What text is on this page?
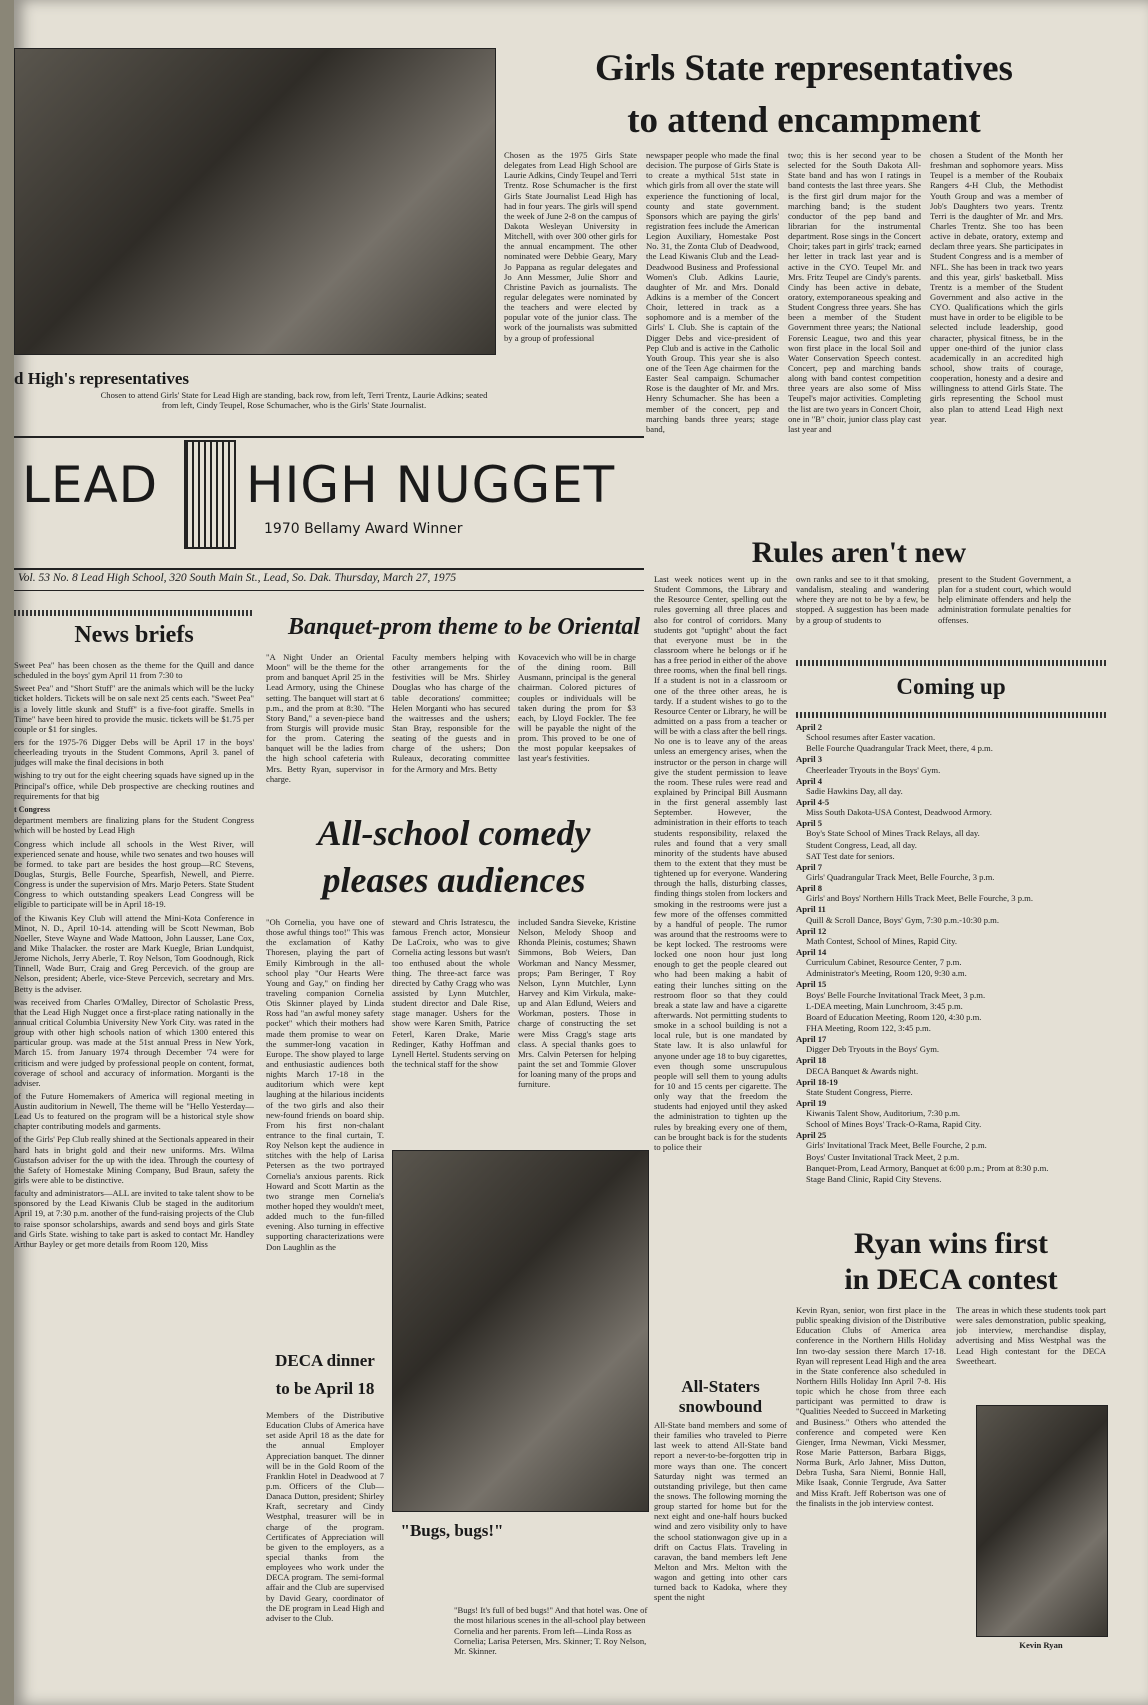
d High's representatives
Chosen to attend Girls' State for Lead High are standing, back row, from left, Terri Trentz, Laurie Adkins; seated from left, Cindy Teupel, Rose Schumacher, who is the Girls' State Journalist.
Girls State representatives
to attend encampment
Chosen as the 1975 Girls State delegates from Lead High School are Laurie Adkins, Cindy Teupel and Terri Trentz. Rose Schumacher is the first Girls State Journalist Lead High has had in four years. The girls will spend the week of June 2-8 on the campus of Dakota Wesleyan University in Mitchell, with over 300 other girls for the annual encampment. The other nominated were Debbie Geary, Mary Jo Pappana as regular delegates and Jo Ann Messmer, Julie Shorr and Christine Pavich as journalists. The regular delegates were nominated by the teachers and were elected by popular vote of the junior class. The work of the journalists was submitted by a group of professional
newspaper people who made the final decision. The purpose of Girls State is to create a mythical 51st state in which girls from all over the state will experience the functioning of local, county and state government. Sponsors which are paying the girls' registration fees include the American Legion Auxiliary, Homestake Post No. 31, the Zonta Club of Deadwood, the Lead Kiwanis Club and the Lead-Deadwood Business and Professional Women's Club. Adkins Laurie, daughter of Mr. and Mrs. Donald Adkins is a member of the Concert Choir, lettered in track as a sophomore and is a member of the Girls' L Club. She is captain of the Digger Debs and vice-president of Pep Club and is active in the Catholic Youth Group. This year she is also one of the Teen Age chairmen for the Easter Seal campaign. Schumacher Rose is the daughter of Mr. and Mrs. Henry Schumacher. She has been a member of the concert, pep and marching bands three years; stage band,
two; this is her second year to be selected for the South Dakota All-State band and has won I ratings in band contests the last three years. She is the first girl drum major for the marching band; is the student conductor of the pep band and librarian for the instrumental department. Rose sings in the Concert Choir; takes part in girls' track; earned her letter in track last year and is active in the CYO. Teupel Mr. and Mrs. Fritz Teupel are Cindy's parents. Cindy has been active in debate, oratory, extemporaneous speaking and Student Congress three years. She has been a member of the Student Government three years; the National Forensic League, two and this year won first place in the local Soil and Water Conservation Speech contest. Concert, pep and marching bands along with band contest competition three years are also some of Miss Teupel's major activities. Completing the list are two years in Concert Choir, one in "B" choir, junior class play cast last year and
chosen a Student of the Month her freshman and sophomore years. Miss Teupel is a member of the Roubaix Rangers 4-H Club, the Methodist Youth Group and was a member of Job's Daughters two years. Trentz Terri is the daughter of Mr. and Mrs. Charles Trentz. She too has been active in debate, oratory, extemp and declam three years. She participates in Student Congress and is a member of NFL. She has been in track two years and this year, girls' basketball. Miss Trentz is a member of the Student Government and also active in the CYO. Qualifications which the girls must have in order to be eligible to be selected include leadership, good character, physical fitness, be in the upper one-third of the junior class academically in an accredited high school, show traits of courage, cooperation, honesty and a desire and willingness to attend Girls State. The girls representing the School must also plan to attend Lead High next year.
LEAD HIGH NUGGET
1970 Bellamy Award Winner
Vol. 53 No. 8 Lead High School, 320 South Main St., Lead, So. Dak. Thursday, March 27, 1975
News briefs

Sweet Pea" has been chosen as the theme for the Quill and dance scheduled in the boys' gym April 11 from 7:30 to

Sweet Pea" and "Short Stuff" are the animals which will be the lucky ticket holders. Tickets will be on sale next 25 cents each. "Sweet Pea" is a lovely little skunk and Stuff" is a five-foot giraffe. Smells in Time" have been hired to provide the music. tickets will be $1.75 per couple or $1 for singles.

ers for the 1975-76 Digger Debs will be April 17 in the boys' cheerleading tryouts in the Student Commons, April 3. panel of judges will make the final decisions in both

wishing to try out for the eight cheering squads have signed up in the Principal's office, while Deb prospective are checking routines and requirements for that big

t Congress

department members are finalizing plans for the Student Congress which will be hosted by Lead High

Congress which include all schools in the West River, will experienced senate and house, while two senates and two houses will be formed. to take part are besides the host group—RC Stevens, Douglas, Sturgis, Belle Fourche, Spearfish, Newell, and Pierre. Congress is under the supervision of Mrs. Marjo Peters. State Student Congress to which outstanding speakers Lead Congress will be eligible to participate will be in April 18-19.

of the Kiwanis Key Club will attend the Mini-Kota Conference in Minot, N. D., April 10-14. attending will be Scott Newman, Bob Noeller, Steve Wayne and Wade Mattoon, John Lausser, Lane Cox, and Mike Thalacker. the roster are Mark Kuegle, Brian Lundquist, Jerome Nichols, Jerry Aberle, T. Roy Nelson, Tom Goodnough, Rick Tinnell, Wade Burr, Craig and Greg Percevich. of the group are Nelson, president; Aberle, vice-Steve Percevich, secretary and Mrs. Betty is the adviser.

was received from Charles O'Malley, Director of Scholastic Press, that the Lead High Nugget once a first-place rating nationally in the annual critical Columbia University New York City. was rated in the group with other high schools nation of which 1300 entered this particular group. was made at the 51st annual Press in New York, March 15. from January 1974 through December '74 were for criticism and were judged by professional people on content, format, coverage of school and accuracy of information. Morganti is the adviser.

of the Future Homemakers of America will regional meeting in Austin auditorium in Newell, The theme will be "Hello Yesterday—Lead Us to featured on the program will be a historical style show chapter contributing models and garments.

of the Girls' Pep Club really shined at the Sectionals appeared in their hard hats in bright gold and their new uniforms. Mrs. Wilma Gustafson adviser for the up with the idea. Through the courtesy of the Safety of Homestake Mining Company, Bud Braun, safety the girls were able to be distinctive.

faculty and administrators—ALL are invited to take talent show to be sponsored by the Lead Kiwanis Club be staged in the auditorium April 19, at 7:30 p.m. another of the fund-raising projects of the Club to raise sponsor scholarships, awards and send boys and girls State and Girls State. wishing to take part is asked to contact Mr. Handley Arthur Bayley or get more details from Room 120, Miss

Banquet-prom theme to be Oriental
"A Night Under an Oriental Moon" will be the theme for the prom and banquet April 25 in the Lead Armory, using the Chinese setting. The banquet will start at 6 p.m., and the prom at 8:30. "The Story Band," a seven-piece band from Sturgis will provide music for the prom. Catering the banquet will be the ladies from the high school cafeteria with Mrs. Betty Ryan, supervisor in charge.
Faculty members helping with other arrangements for the festivities will be Mrs. Shirley Douglas who has charge of the table decorations' committee; Helen Morganti who has secured the waitresses and the ushers; Stan Bray, responsible for the seating of the guests and in charge of the ushers; Don Ruleaux, decorating committee for the Armory and Mrs. Betty
Kovacevich who will be in charge of the dining room. Bill Ausmann, principal is the general chairman. Colored pictures of couples or individuals will be taken during the prom for $3 each, by Lloyd Fockler. The fee will be payable the night of the prom. This proved to be one of the most popular keepsakes of last year's festivities.
All-school comedy
pleases audiences
"Oh Cornelia, you have one of those awful things too!" This was the exclamation of Kathy Thoresen, playing the part of Emily Kimbrough in the all-school play "Our Hearts Were Young and Gay," on finding her traveling companion Cornelia Otis Skinner played by Linda Ross had "an awful money safety pocket" which their mothers had made them promise to wear on the summer-long vacation in Europe. The show played to large and enthusiastic audiences both nights March 17-18 in the auditorium which were kept laughing at the hilarious incidents of the two girls and also their new-found friends on board ship. From his first non-chalant entrance to the final curtain, T. Roy Nelson kept the audience in stitches with the help of Larisa Petersen as the two portrayed Cornelia's anxious parents. Rick Howard and Scott Martin as the two strange men Cornelia's mother hoped they wouldn't meet, added much to the fun-filled evening. Also turning in effective supporting characterizations were Don Laughlin as the
steward and Chris Istratescu, the famous French actor, Monsieur De LaCroix, who was to give Cornelia acting lessons but wasn't too enthused about the whole thing. The three-act farce was directed by Cathy Cragg who was assisted by Lynn Mutchler, student director and Dale Rise, stage manager. Ushers for the show were Karen Smith, Patrice Feterl, Karen Drake, Marie Redinger, Kathy Hoffman and Lynell Hertel. Students serving on the technical staff for the show
included Sandra Sieveke, Kristine Nelson, Melody Shoop and Rhonda Pleinis, costumes; Shawn Simmons, Bob Weiers, Dan Workman and Nancy Messmer, props; Pam Beringer, T Roy Nelson, Lynn Mutchler, Lynn Harvey and Kim Virkula, make-up and Alan Edlund, Weiers and Workman, posters. Those in charge of constructing the set were Miss Cragg's stage arts class. A special thanks goes to Mrs. Calvin Petersen for helping paint the set and Tommie Glover for loaning many of the props and furniture.
DECA dinner
to be April 18
Members of the Distributive Education Clubs of America have set aside April 18 as the date for the annual Employer Appreciation banquet. The dinner will be in the Gold Room of the Franklin Hotel in Deadwood at 7 p.m. Officers of the Club—Danaca Dutton, president; Shirley Kraft, secretary and Cindy Westphal, treasurer will be in charge of the program. Certificates of Appreciation will be given to the employers, as a special thanks from the employees who work under the DECA program. The semi-formal affair and the Club are supervised by David Geary, coordinator of the DE program in Lead High and adviser to the Club.
"Bugs, bugs!"
"Bugs! It's full of bed bugs!" And that hotel was. One of the most hilarious scenes in the all-school play between Cornelia and her parents. From left—Linda Ross as Cornelia; Larisa Petersen, Mrs. Skinner; T. Roy Nelson, Mr. Skinner.
Rules aren't new
Last week notices went up in the Student Commons, the Library and the Resource Center, spelling out the rules governing all three places and also for control of corridors. Many students got "uptight" about the fact that everyone must be in the classroom where he belongs or if he has a free period in either of the above three rooms, when the final bell rings. If a student is not in a classroom or one of the three other areas, he is tardy. If a student wishes to go to the Resource Center or Library, he will be admitted on a pass from a teacher or will be with a class after the bell rings. No one is to leave any of the areas unless an emergency arises, when the instructor or the person in charge will give the student permission to leave the room. These rules were read and explained by Principal Bill Ausmann in the first general assembly last September. However, the administration in their efforts to teach students responsibility, relaxed the rules and found that a very small minority of the students have abused them to the extent that they must be tightened up for everyone. Wandering through the halls, disturbing classes, finding things stolen from lockers and smoking in the restrooms were just a few more of the offenses committed by a handful of people. The rumor was around that the restrooms were to be kept locked. The restrooms were locked one noon hour just long enough to get the people cleared out who had been making a habit of eating their lunches sitting on the restroom floor so that they could break a state law and have a cigarette afterwards. Not permitting students to smoke in a school building is not a local rule, but is one mandated by State law. It is also unlawful for anyone under age 18 to buy cigarettes, even though some unscrupulous people will sell them to young adults for 10 and 15 cents per cigarette. The only way that the freedom the students had enjoyed until they asked the administration to tighten up the rules by breaking every one of them, can be brought back is for the students to police their
own ranks and see to it that smoking, vandalism, stealing and wandering where they are not to be by a few, be stopped. A suggestion has been made by a group of students to
present to the Student Government, a plan for a student court, which would help eliminate offenders and help the administration formulate penalties for offenses.
All-Staters
snowbound
All-State band members and some of their families who traveled to Pierre last week to attend All-State band report a never-to-be-forgotten trip in more ways than one. The concert Saturday night was termed an outstanding privilege, but then came the snows. The following morning the group started for home but for the next eight and one-half hours bucked wind and zero visibility only to have the school stationwagon give up in a drift on Cactus Flats. Traveling in caravan, the band members left Jene Melton and Mrs. Melton with the wagon and getting into other cars turned back to Kadoka, where they spent the night
Coming up
April 2
School resumes after Easter vacation.
Belle Fourche Quadrangular Track Meet, there, 4 p.m.
April 3
Cheerleader Tryouts in the Boys' Gym.
April 4
Sadie Hawkins Day, all day.
April 4-5
Miss South Dakota-USA Contest, Deadwood Armory.
April 5
Boy's State School of Mines Track Relays, all day.
Student Congress, Lead, all day.
SAT Test date for seniors.
April 7
Girls' Quadrangular Track Meet, Belle Fourche, 3 p.m.
April 8
Girls' and Boys' Northern Hills Track Meet, Belle Fourche, 3 p.m.
April 11
Quill & Scroll Dance, Boys' Gym, 7:30 p.m.-10:30 p.m.
April 12
Math Contest, School of Mines, Rapid City.
April 14
Curriculum Cabinet, Resource Center, 7 p.m.
Administrator's Meeting, Room 120, 9:30 a.m.
April 15
Boys' Belle Fourche Invitational Track Meet, 3 p.m.
L-DEA meeting, Main Lunchroom, 3:45 p.m.
Board of Education Meeting, Room 120, 4:30 p.m.
FHA Meeting, Room 122, 3:45 p.m.
April 17
Digger Deb Tryouts in the Boys' Gym.
April 18
DECA Banquet & Awards night.
April 18-19
State Student Congress, Pierre.
April 19
Kiwanis Talent Show, Auditorium, 7:30 p.m.
School of Mines Boys' Track-O-Rama, Rapid City.
April 25
Girls' Invitational Track Meet, Belle Fourche, 2 p.m.
Boys' Custer Invitational Track Meet, 2 p.m.
Banquet-Prom, Lead Armory, Banquet at 6:00 p.m.; Prom at 8:30 p.m.
Stage Band Clinic, Rapid City Stevens.
Ryan wins first
in DECA contest
Kevin Ryan, senior, won first place in the public speaking division of the Distributive Education Clubs of America area conference in the Northern Hills Holiday Inn two-day session there March 17-18. Ryan will represent Lead High and the area in the State conference also scheduled in Northern Hills Holiday Inn April 7-8. His topic which he chose from three each participant was permitted to draw is "Qualities Needed to Succeed in Marketing and Business." Others who attended the conference and competed were Ken Gienger, Irma Newman, Vicki Messmer, Rose Marie Patterson, Barbara Biggs, Norma Burk, Arlo Jahner, Miss Dutton, Debra Tusha, Sara Niemi, Bonnie Hall, Mike Isaak, Connie Tergrude, Ava Satter and Miss Kraft. Jeff Robertson was one of the finalists in the job interview contest.
The areas in which these students took part were sales demonstration, public speaking, job interview, merchandise display, advertising and Miss Westphal was the Lead High contestant for the DECA Sweetheart.
Kevin Ryan
